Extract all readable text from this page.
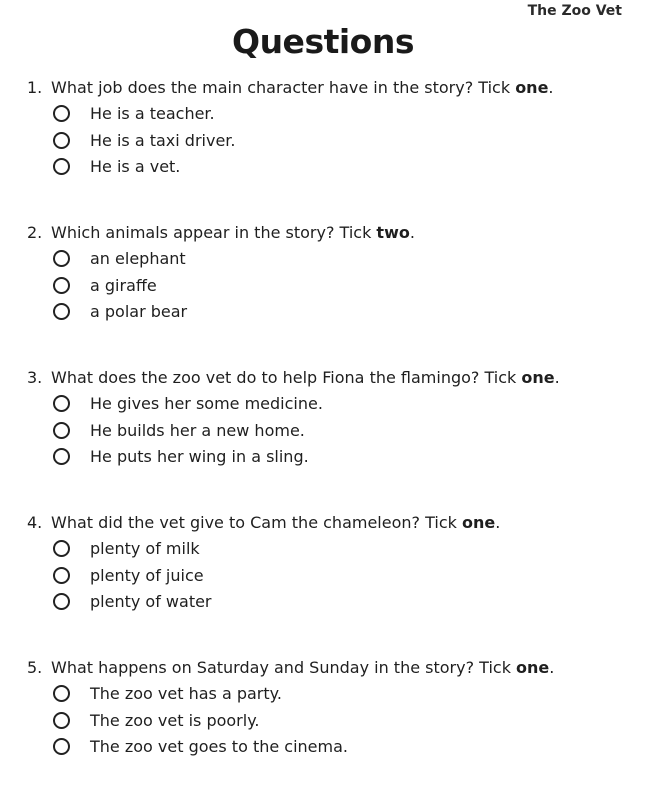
The Zoo Vet
Questions
1. What job does the main character have in the story? Tick one.
He is a teacher.
He is a taxi driver.
He is a vet.
2. Which animals appear in the story? Tick two.
an elephant
a giraffe
a polar bear
3. What does the zoo vet do to help Fiona the flamingo? Tick one.
He gives her some medicine.
He builds her a new home.
He puts her wing in a sling.
4. What did the vet give to Cam the chameleon? Tick one.
plenty of milk
plenty of juice
plenty of water
5. What happens on Saturday and Sunday in the story? Tick one.
The zoo vet has a party.
The zoo vet is poorly.
The zoo vet goes to the cinema.
